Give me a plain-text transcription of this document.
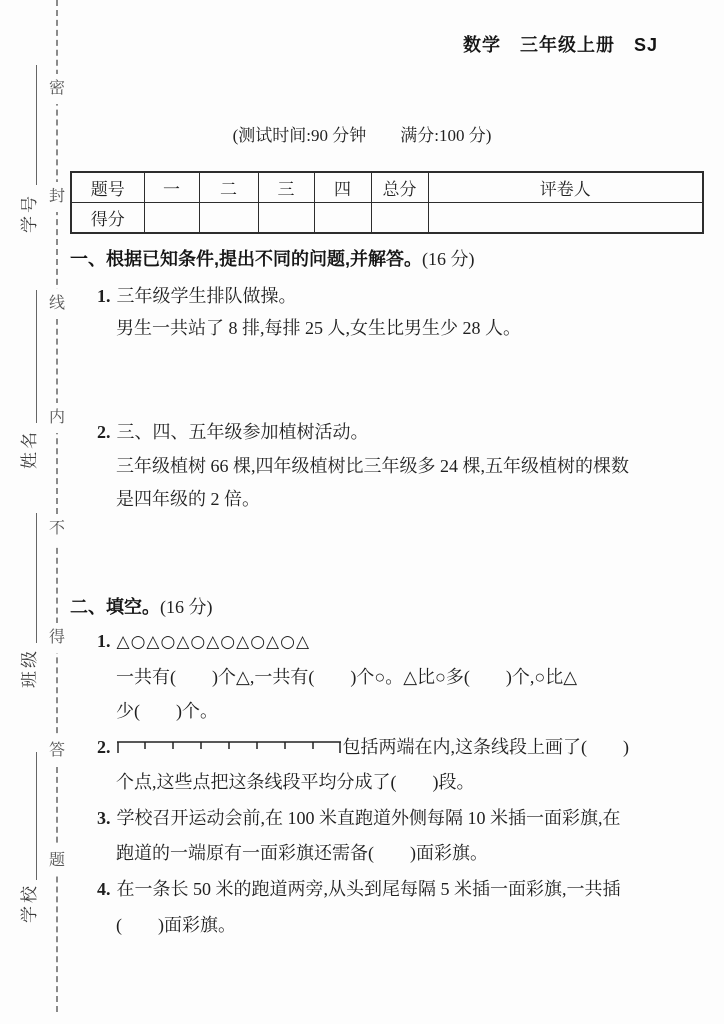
密
封
线
内
不
得
答
题
学号
姓名
班级
学校
数学　三年级上册　SJ
(测试时间:90 分钟　　满分:100 分)
题号	一	二	三	四	总分	评卷人
得分						
一、根据已知条件,提出不同的问题,并解答。(16 分)
1. 三年级学生排队做操。
男生一共站了 8 排,每排 25 人,女生比男生少 28 人。
2. 三、四、五年级参加植树活动。
三年级植树 66 棵,四年级植树比三年级多 24 棵,五年级植树的棵数
是四年级的 2 倍。
二、填空。(16 分)
1. △○△○△○△○△○△○△
一共有(　　)个△,一共有(　　)个○。△比○多(　　)个,○比△
少(　　)个。
2.	包括两端在内,这条线段上画了(　　)
个点,这些点把这条线段平均分成了(　　)段。
3. 学校召开运动会前,在 100 米直跑道外侧每隔 10 米插一面彩旗,在
跑道的一端原有一面彩旗还需备(　　)面彩旗。
4. 在一条长 50 米的跑道两旁,从头到尾每隔 5 米插一面彩旗,一共插
(　　)面彩旗。
